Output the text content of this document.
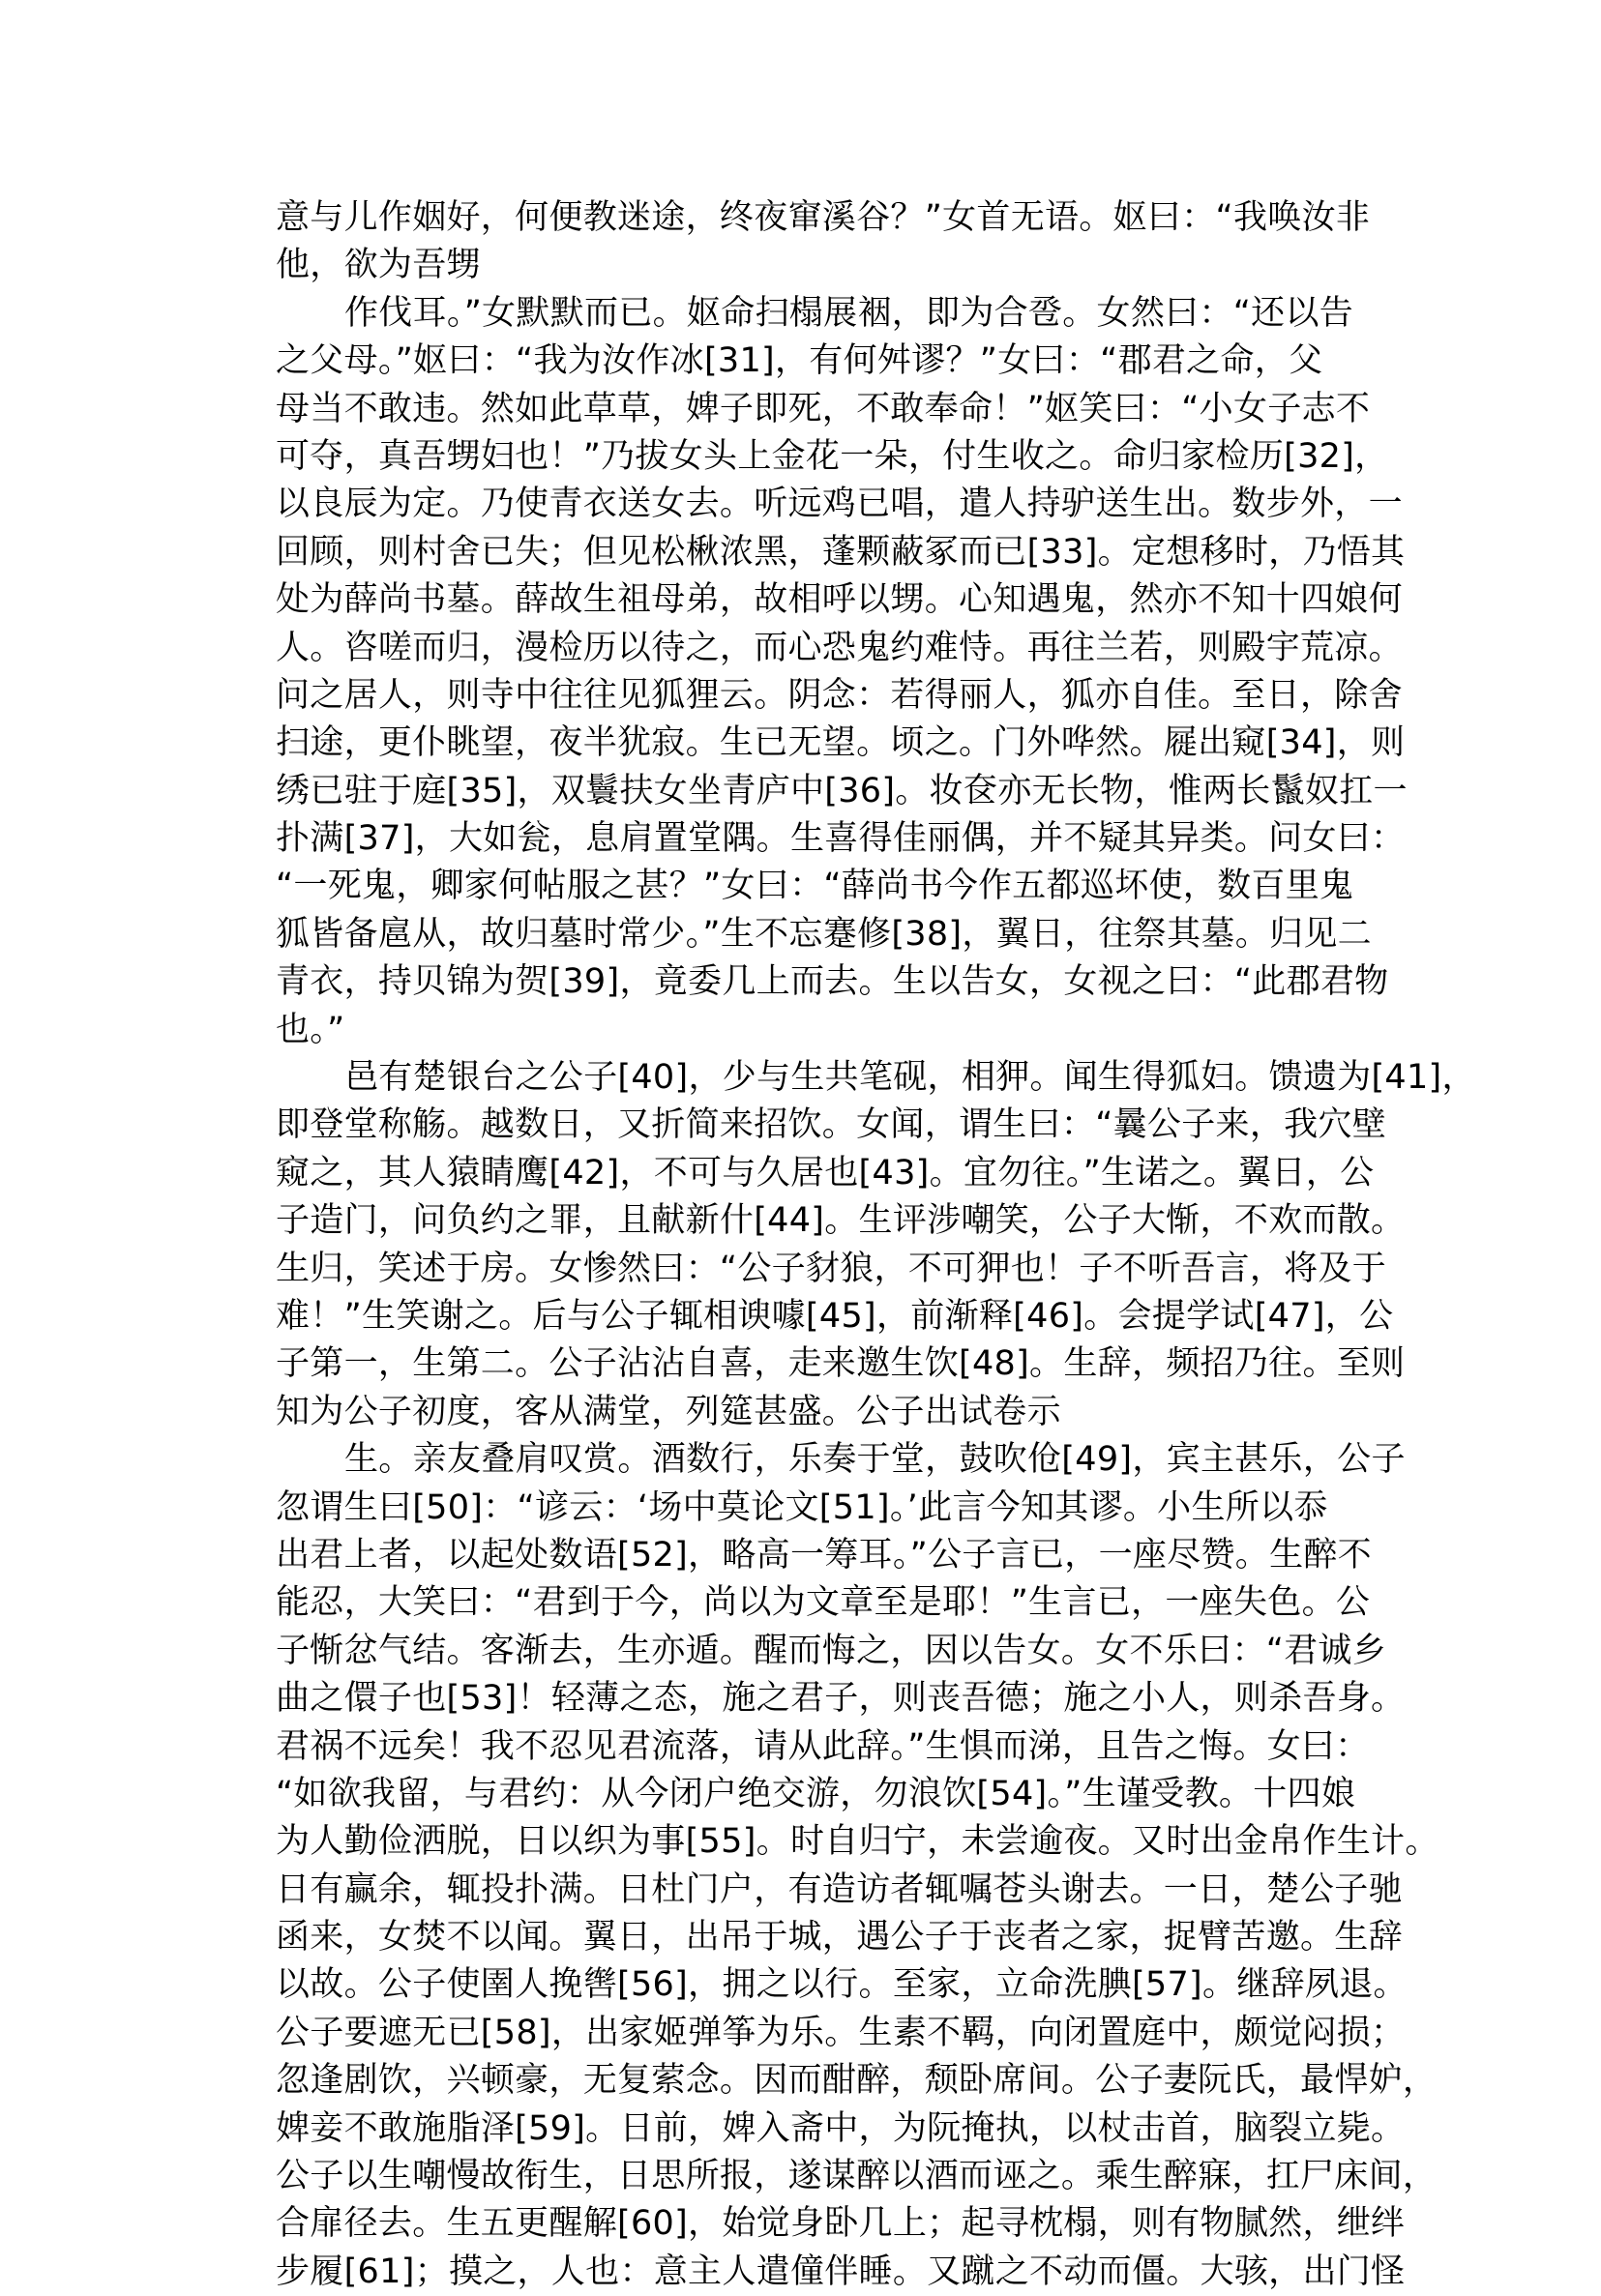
意与儿作姻好，何便教迷途，终夜窜溪谷？”女首无语。妪曰：“我唤汝非
他，欲为吾甥
作伐耳。”女默默而已。妪命扫榻展裀，即为合卺。女然曰：“还以告
之父母。”妪曰：“我为汝作冰[31]，有何舛谬？”女曰：“郡君之命，父
母当不敢违。然如此草草，婢子即死，不敢奉命！”妪笑曰：“小女子志不
可夺，真吾甥妇也！”乃拔女头上金花一朵，付生收之。命归家检历[32]，
以良辰为定。乃使青衣送女去。听远鸡已唱，遣人持驴送生出。数步外，一
回顾，则村舍已失；但见松楸浓黑，蓬颗蔽冢而已[33]。定想移时，乃悟其
处为薛尚书墓。薛故生祖母弟，故相呼以甥。心知遇鬼，然亦不知十四娘何
人。咨嗟而归，漫检历以待之，而心恐鬼约难恃。再往兰若，则殿宇荒凉。
问之居人，则寺中往往见狐狸云。阴念：若得丽人，狐亦自佳。至日，除舍
扫途，更仆眺望，夜半犹寂。生已无望。顷之。门外哗然。屣出窥[34]，则
绣已驻于庭[35]，双鬟扶女坐青庐中[36]。妆奁亦无长物，惟两长鬣奴扛一
扑满[37]，大如瓮，息肩置堂隅。生喜得佳丽偶，并不疑其异类。问女曰：
“一死鬼，卿家何帖服之甚？”女曰：“薛尚书今作五都巡坏使，数百里鬼
狐皆备扈从，故归墓时常少。”生不忘蹇修[38]，翼日，往祭其墓。归见二
青衣，持贝锦为贺[39]，竟委几上而去。生以告女，女视之曰：“此郡君物
也。”
邑有楚银台之公子[40]，少与生共笔砚，相狎。闻生得狐妇。馈遗为[41]，
即登堂称觞。越数日，又折简来招饮。女闻，谓生曰：“曩公子来，我穴壁
窥之，其人猿睛鹰[42]，不可与久居也[43]。宜勿往。”生诺之。翼日，公
子造门，问负约之罪，且献新什[44]。生评涉嘲笑，公子大惭，不欢而散。
生归，笑述于房。女惨然曰：“公子豺狼，不可狎也！子不听吾言，将及于
难！”生笑谢之。后与公子辄相谀噱[45]，前渐释[46]。会提学试[47]，公
子第一，生第二。公子沾沾自喜，走来邀生饮[48]。生辞，频招乃往。至则
知为公子初度，客从满堂，列筵甚盛。公子出试卷示
生。亲友叠肩叹赏。酒数行，乐奏于堂，鼓吹伧[49]，宾主甚乐，公子
忽谓生曰[50]：“谚云：‘场中莫论文[51]。’此言今知其谬。小生所以忝
出君上者，以起处数语[52]，略高一筹耳。”公子言已，一座尽赞。生醉不
能忍，大笑曰：“君到于今，尚以为文章至是耶！”生言已，一座失色。公
子惭忿气结。客渐去，生亦遁。醒而悔之，因以告女。女不乐曰：“君诚乡
曲之儇子也[53]！轻薄之态，施之君子，则丧吾德；施之小人，则杀吾身。
君祸不远矣！我不忍见君流落，请从此辞。”生惧而涕，且告之悔。女曰：
“如欲我留，与君约：从今闭户绝交游，勿浪饮[54]。”生谨受教。十四娘
为人勤俭洒脱，日以织为事[55]。时自归宁，未尝逾夜。又时出金帛作生计。
日有赢余，辄投扑满。日杜门户，有造访者辄嘱苍头谢去。一日，楚公子驰
函来，女焚不以闻。翼日，出吊于城，遇公子于丧者之家，捉臂苦邀。生辞
以故。公子使圉人挽辔[56]，拥之以行。至家，立命洗腆[57]。继辞夙退。
公子要遮无已[58]，出家姬弹筝为乐。生素不羁，向闭置庭中，颇觉闷损；
忽逢剧饮，兴顿豪，无复萦念。因而酣醉，颓卧席间。公子妻阮氏，最悍妒，
婢妾不敢施脂泽[59]。日前，婢入斋中，为阮掩执，以杖击首，脑裂立毙。
公子以生嘲慢故衔生，日思所报，遂谋醉以酒而诬之。乘生醉寐，扛尸床间，
合扉径去。生五更醒解[60]，始觉身卧几上；起寻枕榻，则有物腻然，绁绊
步履[61]；摸之，人也：意主人遣僮伴睡。又蹴之不动而僵。大骇，出门怪
